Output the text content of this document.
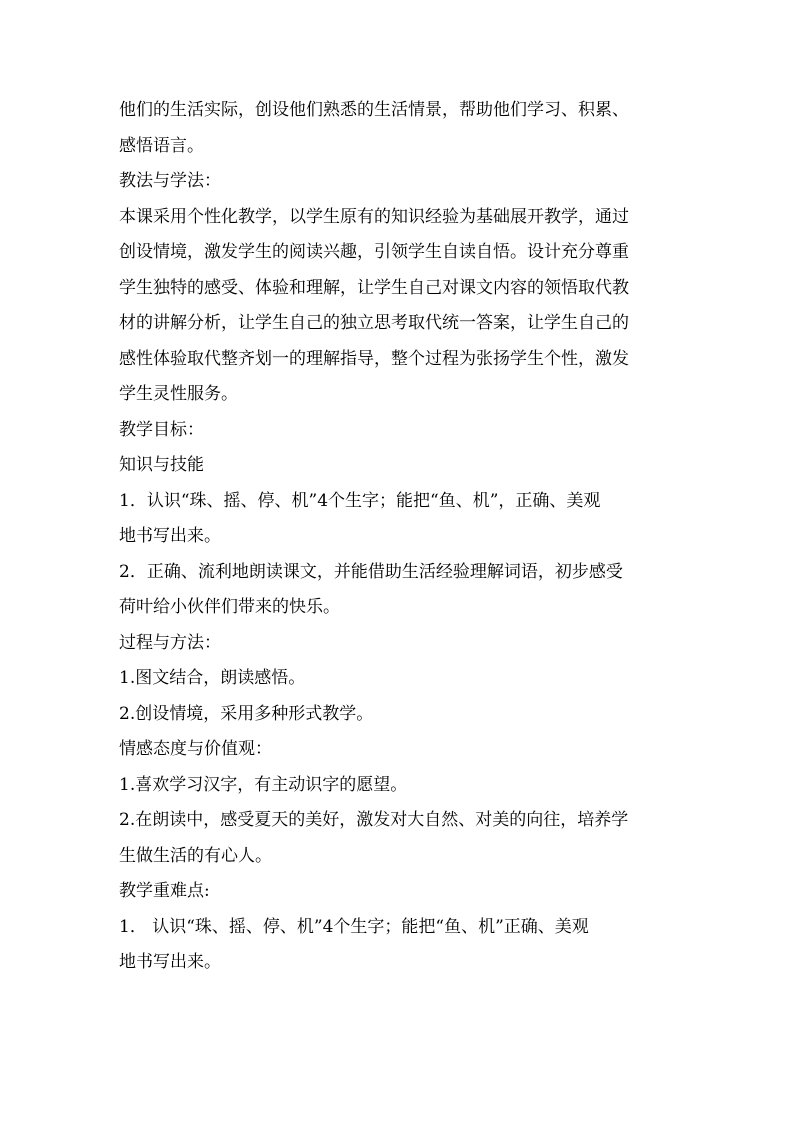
他们的生活实际，创设他们熟悉的生活情景，帮助他们学习、积累、

感悟语言。

教法与学法：

本课采用个性化教学，以学生原有的知识经验为基础展开教学，通过

创设情境，激发学生的阅读兴趣，引领学生自读自悟。设计充分尊重

学生独特的感受、体验和理解，让学生自己对课文内容的领悟取代教

材的讲解分析，让学生自己的独立思考取代统一答案，让学生自己的

感性体验取代整齐划一的理解指导，整个过程为张扬学生个性，激发

学生灵性服务。

教学目标：

知识与技能

1．认识“珠、摇、停、机”4个生字；能把“鱼、机”，正确、美观

地书写出来。

2．正确、流利地朗读课文，并能借助生活经验理解词语，初步感受

荷叶给小伙伴们带来的快乐。

过程与方法：

1.图文结合，朗读感悟。

2.创设情境，采用多种形式教学。

情感态度与价值观：

1.喜欢学习汉字，有主动识字的愿望。

2.在朗读中，感受夏天的美好，激发对大自然、对美的向往，培养学

生做生活的有心人。

教学重难点:

1． 认识“珠、摇、停、机”4个生字；能把“鱼、机”正确、美观

地书写出来。
